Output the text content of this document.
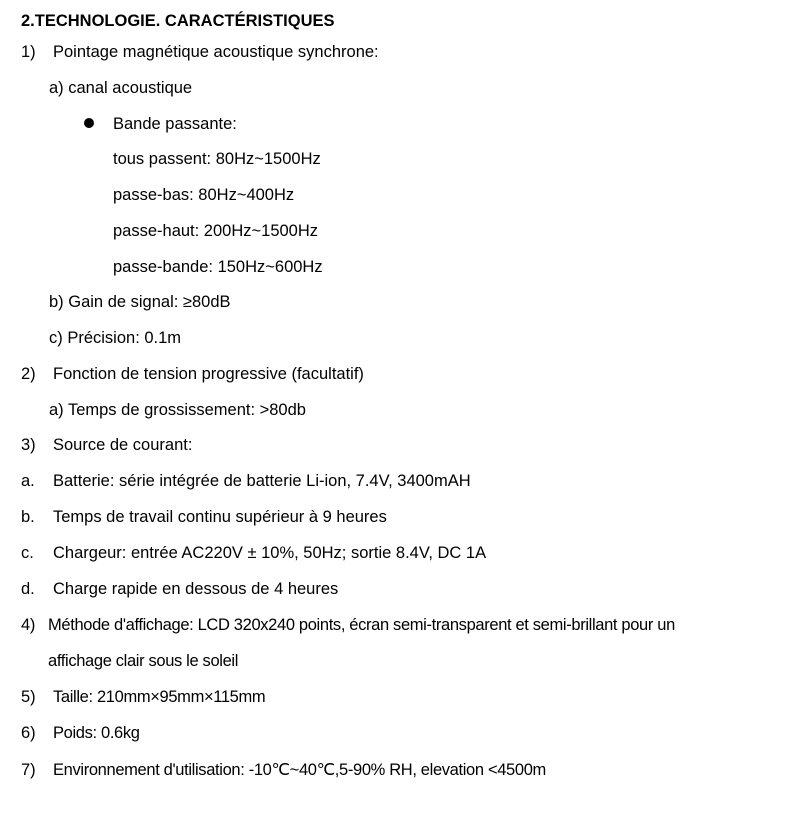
2.TECHNOLOGIE. CARACTÉRISTIQUES
1) Pointage magnétique acoustique synchrone:
a) canal acoustique
Bande passante:
tous passent: 80Hz~1500Hz
passe-bas: 80Hz~400Hz
passe-haut: 200Hz~1500Hz
passe-bande: 150Hz~600Hz
b) Gain de signal: ≥80dB
c) Précision: 0.1m
2) Fonction de tension progressive (facultatif)
a) Temps de grossissement: >80db
3) Source de courant:
a. Batterie: série intégrée de batterie Li-ion, 7.4V, 3400mAH
b. Temps de travail continu supérieur à 9 heures
c. Chargeur: entrée AC220V ± 10%, 50Hz; sortie 8.4V, DC 1A
d. Charge rapide en dessous de 4 heures
4) Méthode d'affichage: LCD 320x240 points, écran semi-transparent et semi-brillant pour un
affichage clair sous le soleil
5) Taille: 210mm×95mm×115mm
6) Poids: 0.6kg
7) Environnement d'utilisation: -10℃~40℃,5-90% RH, elevation <4500m
